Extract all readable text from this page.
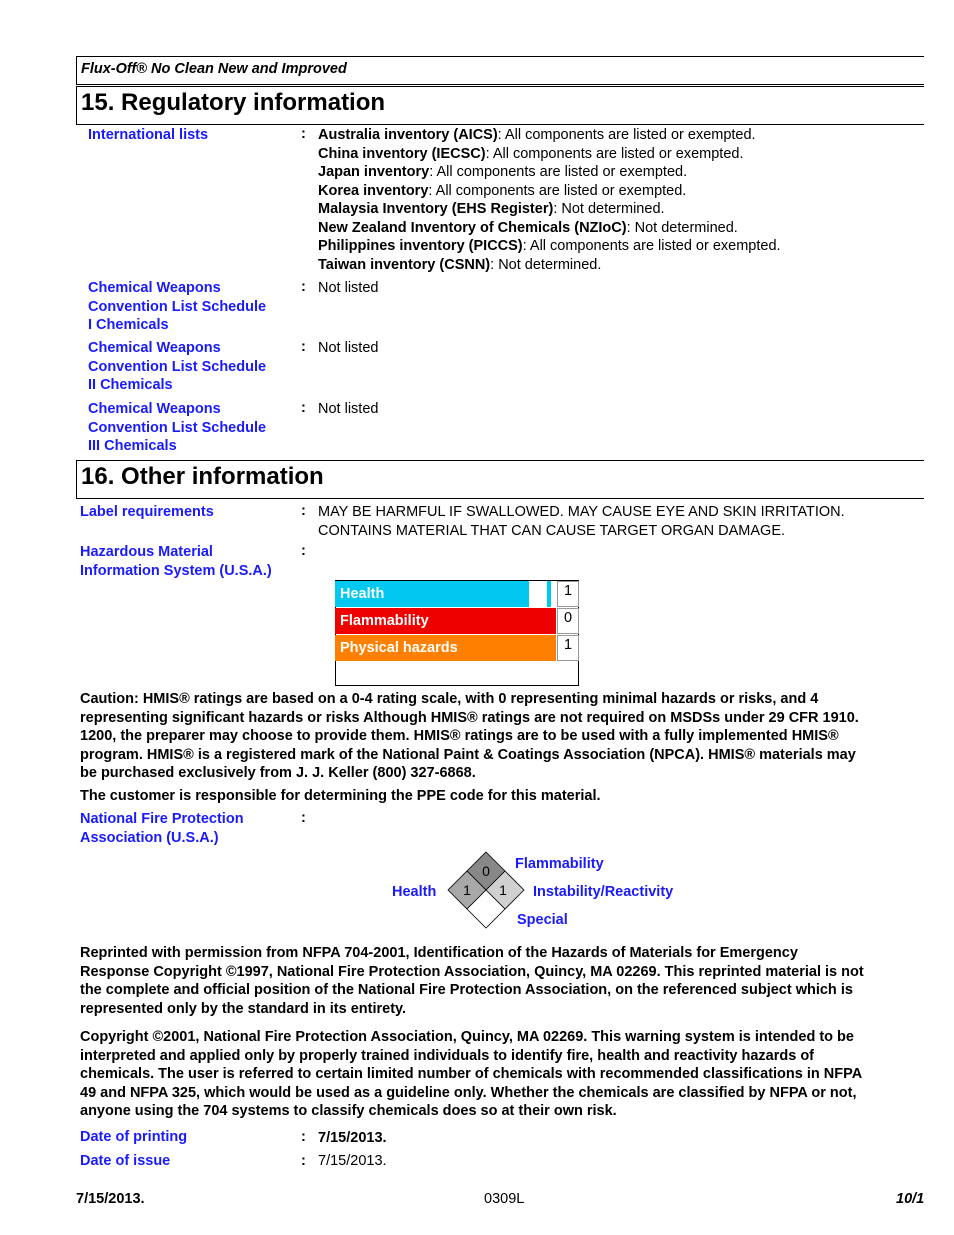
Flux-Off® No Clean New and Improved
15. Regulatory information
International lists	: Australia inventory (AICS): All components are listed or exempted.
China inventory (IECSC): All components are listed or exempted.
Japan inventory: All components are listed or exempted.
Korea inventory: All components are listed or exempted.
Malaysia Inventory (EHS Register): Not determined.
New Zealand Inventory of Chemicals (NZIoC): Not determined.
Philippines inventory (PICCS): All components are listed or exempted.
Taiwan inventory (CSNN): Not determined.
Chemical Weapons
Convention List Schedule
I Chemicals
: Not listed
Chemical Weapons
Convention List Schedule
II Chemicals
: Not listed
Chemical Weapons
Convention List Schedule
III Chemicals
: Not listed
16. Other information
Label requirements	: MAY BE HARMFUL IF SWALLOWED. MAY CAUSE EYE AND SKIN IRRITATION.
CONTAINS MATERIAL THAT CAN CAUSE TARGET ORGAN DAMAGE.
Hazardous Material
Information System (U.S.A.)
:
Health	1
Flammability	0
Physical hazards	1
Caution: HMIS® ratings are based on a 0-4 rating scale, with 0 representing minimal hazards or risks, and 4
representing significant hazards or risks Although HMIS® ratings are not required on MSDSs under 29 CFR 1910.
1200, the preparer may choose to provide them. HMIS® ratings are to be used with a fully implemented HMIS®
program. HMIS® is a registered mark of the National Paint & Coatings Association (NPCA). HMIS® materials may
be purchased exclusively from J. J. Keller (800) 327-6868.
The customer is responsible for determining the PPE code for this material.
National Fire Protection
Association (U.S.A.)
:
0
1 1
Health
Flammability
Instability/Reactivity
Special
Reprinted with permission from NFPA 704-2001, Identification of the Hazards of Materials for Emergency
Response Copyright ©1997, National Fire Protection Association, Quincy, MA 02269. This reprinted material is not
the complete and official position of the National Fire Protection Association, on the referenced subject which is
represented only by the standard in its entirety.
Copyright ©2001, National Fire Protection Association, Quincy, MA 02269. This warning system is intended to be
interpreted and applied only by properly trained individuals to identify fire, health and reactivity hazards of
chemicals. The user is referred to certain limited number of chemicals with recommended classifications in NFPA
49 and NFPA 325, which would be used as a guideline only. Whether the chemicals are classified by NFPA or not,
anyone using the 704 systems to classify chemicals does so at their own risk.
Date of printing	: 7/15/2013.
Date of issue	: 7/15/2013.
7/15/2013.	0309L	10/1
